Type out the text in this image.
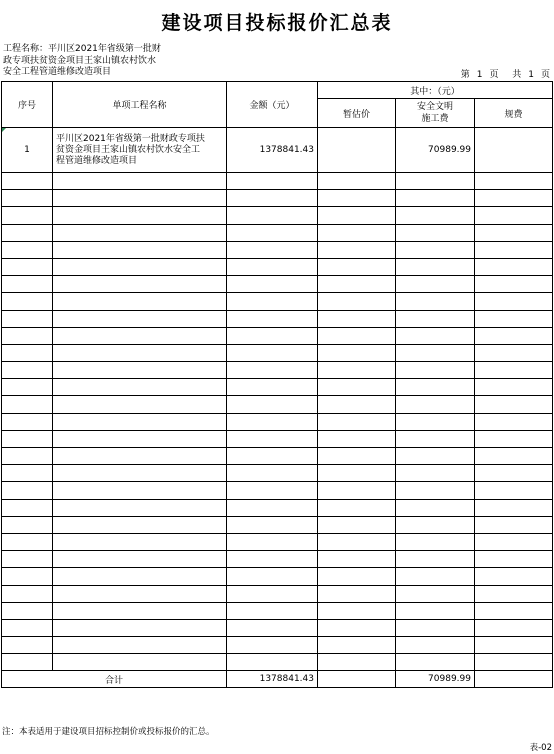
建设项目投标报价汇总表
工程名称：平川区2021年省级第一批财
政专项扶贫资金项目王家山镇农村饮水
安全工程管道维修改造项目	第 1 页 共 1 页
序号	单项工程名称	金额（元）	其中：（元）		
			暂估价	安全文明
施工费	规费
1	平川区2021年省级第一批财政专项扶
贫资金项目王家山镇农村饮水安全工
程管道维修改造项目	1378841.43		70989.99	

合计		1378841.43		70989.99	
注：本表适用于建设项目招标控制价或投标报价的汇总。
表-02
